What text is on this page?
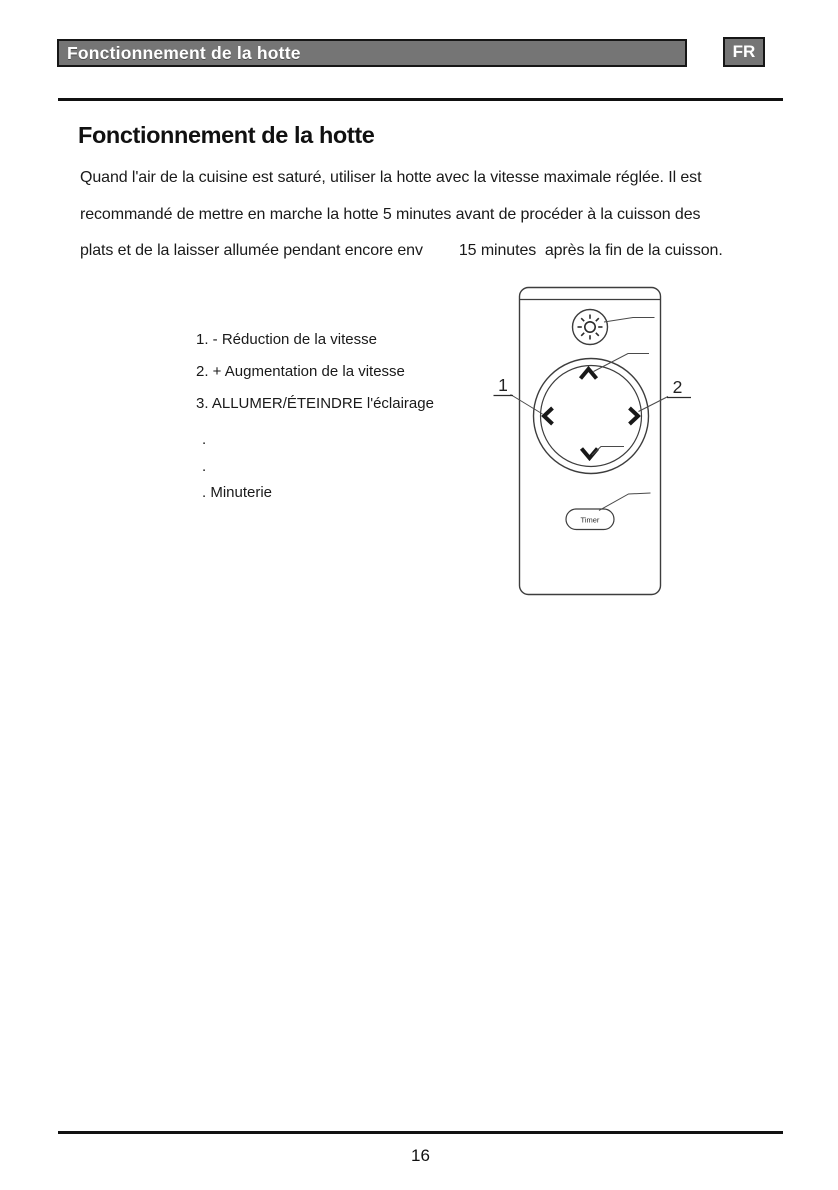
Fonctionnement de la hotte	FR
Fonctionnement de la hotte
Quand l'air de la cuisine est saturé, utiliser la hotte avec la vitesse maximale réglée. Il est
recommandé de mettre en marche la hotte 5 minutes avant de procéder à la cuisson des
plats et de la laisser allumée pendant encore env 15 minutes  après la fin de la cuisson.
1. - Réduction de la vitesse
2. + Augmentation de la vitesse
3. ALLUMER/ÉTEINDRE l'éclairage
.
.
. Minuterie
Timer
1	2
16
